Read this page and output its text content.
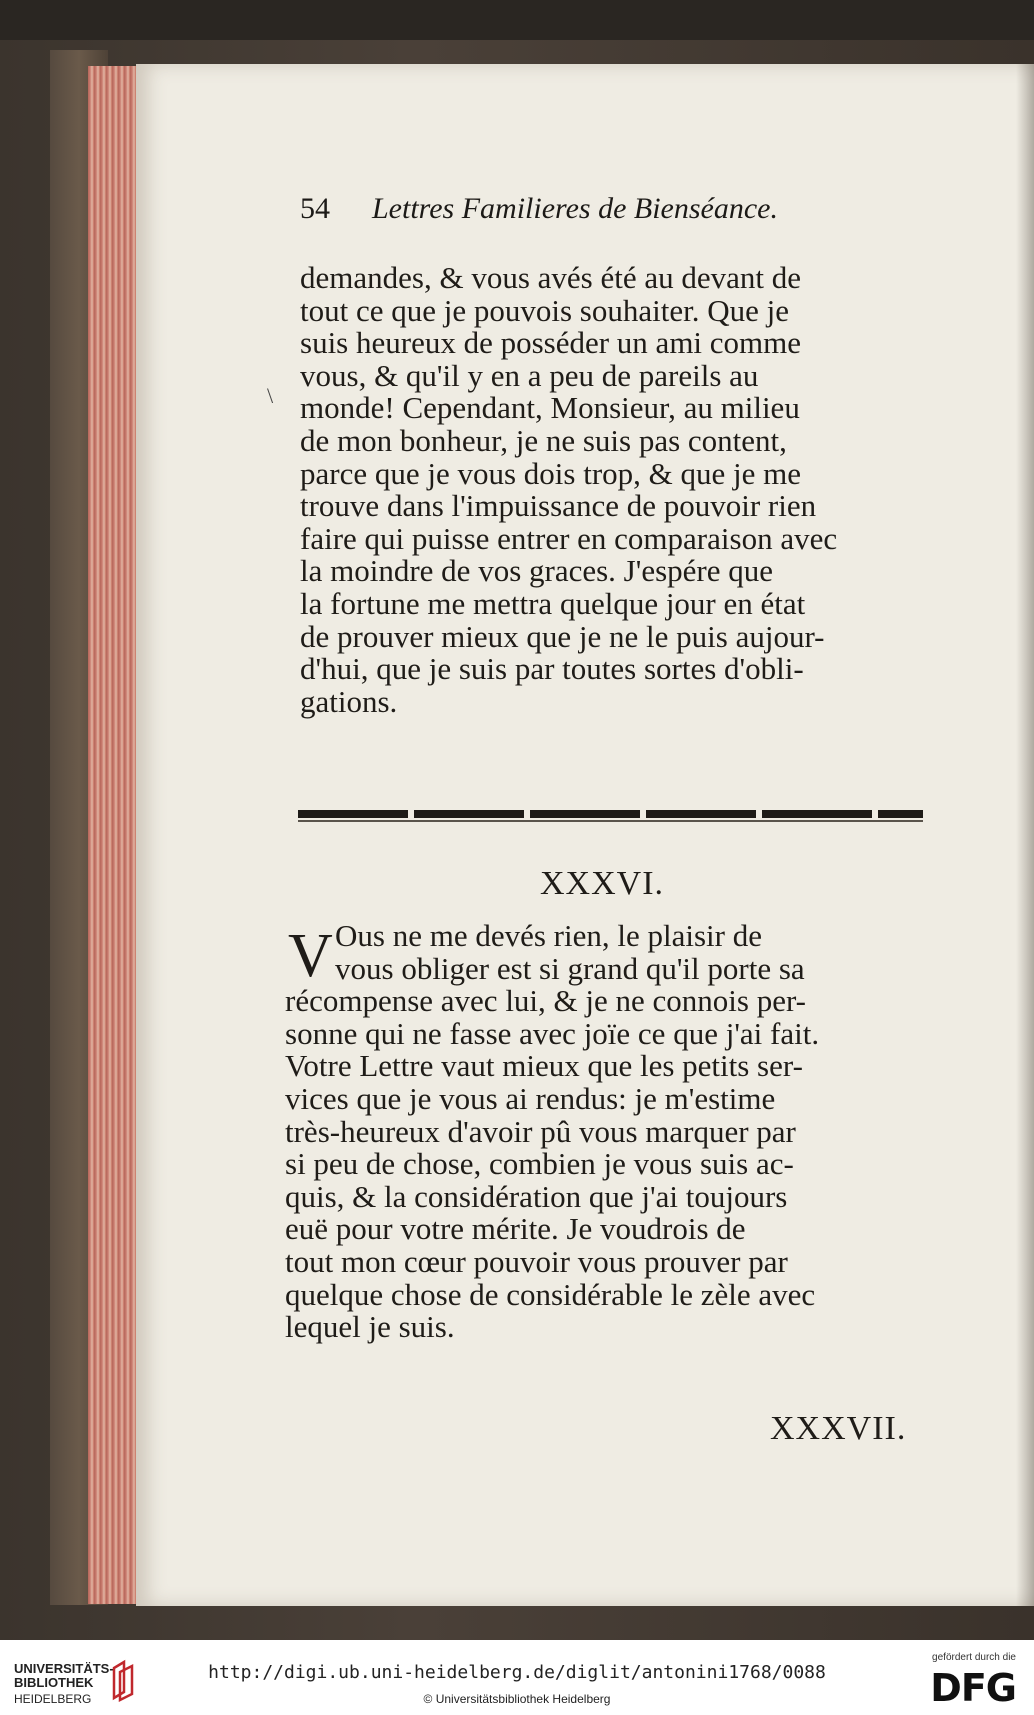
54 Lettres Familieres de Bienséance.
\
demandes, & vous avés été au devant de
tout ce que je pouvois souhaiter. Que je
suis heureux de posséder un ami comme
vous, & qu'il y en a peu de pareils au
monde! Cependant, Monsieur, au milieu
de mon bonheur, je ne suis pas content,
parce que je vous dois trop, & que je me
trouve dans l'impuissance de pouvoir rien
faire qui puisse entrer en comparaison avec
la moindre de vos graces. J'espére que
la fortune me mettra quelque jour en état
de prouver mieux que je ne le puis aujour-
d'hui, que je suis par toutes sortes d'obli-
gations.
XXXVI.
V Ous ne me devés rien, le plaisir de
vous obliger est si grand qu'il porte sa
récompense avec lui, & je ne connois per-
sonne qui ne fasse avec joïe ce que j'ai fait.
Votre Lettre vaut mieux que les petits ser-
vices que je vous ai rendus: je m'estime
très-heureux d'avoir pû vous marquer par
si peu de chose, combien je vous suis ac-
quis, & la considération que j'ai toujours
euë pour votre mérite. Je voudrois de
tout mon cœur pouvoir vous prouver par
quelque chose de considérable le zèle avec
lequel je suis.
XXXVII.
UNIVERSITÄTS-
BIBLIOTHEK
HEIDELBERG
http://digi.ub.uni-heidelberg.de/diglit/antonini1768/0088
© Universitätsbibliothek Heidelberg
gefördert durch die
DFG
